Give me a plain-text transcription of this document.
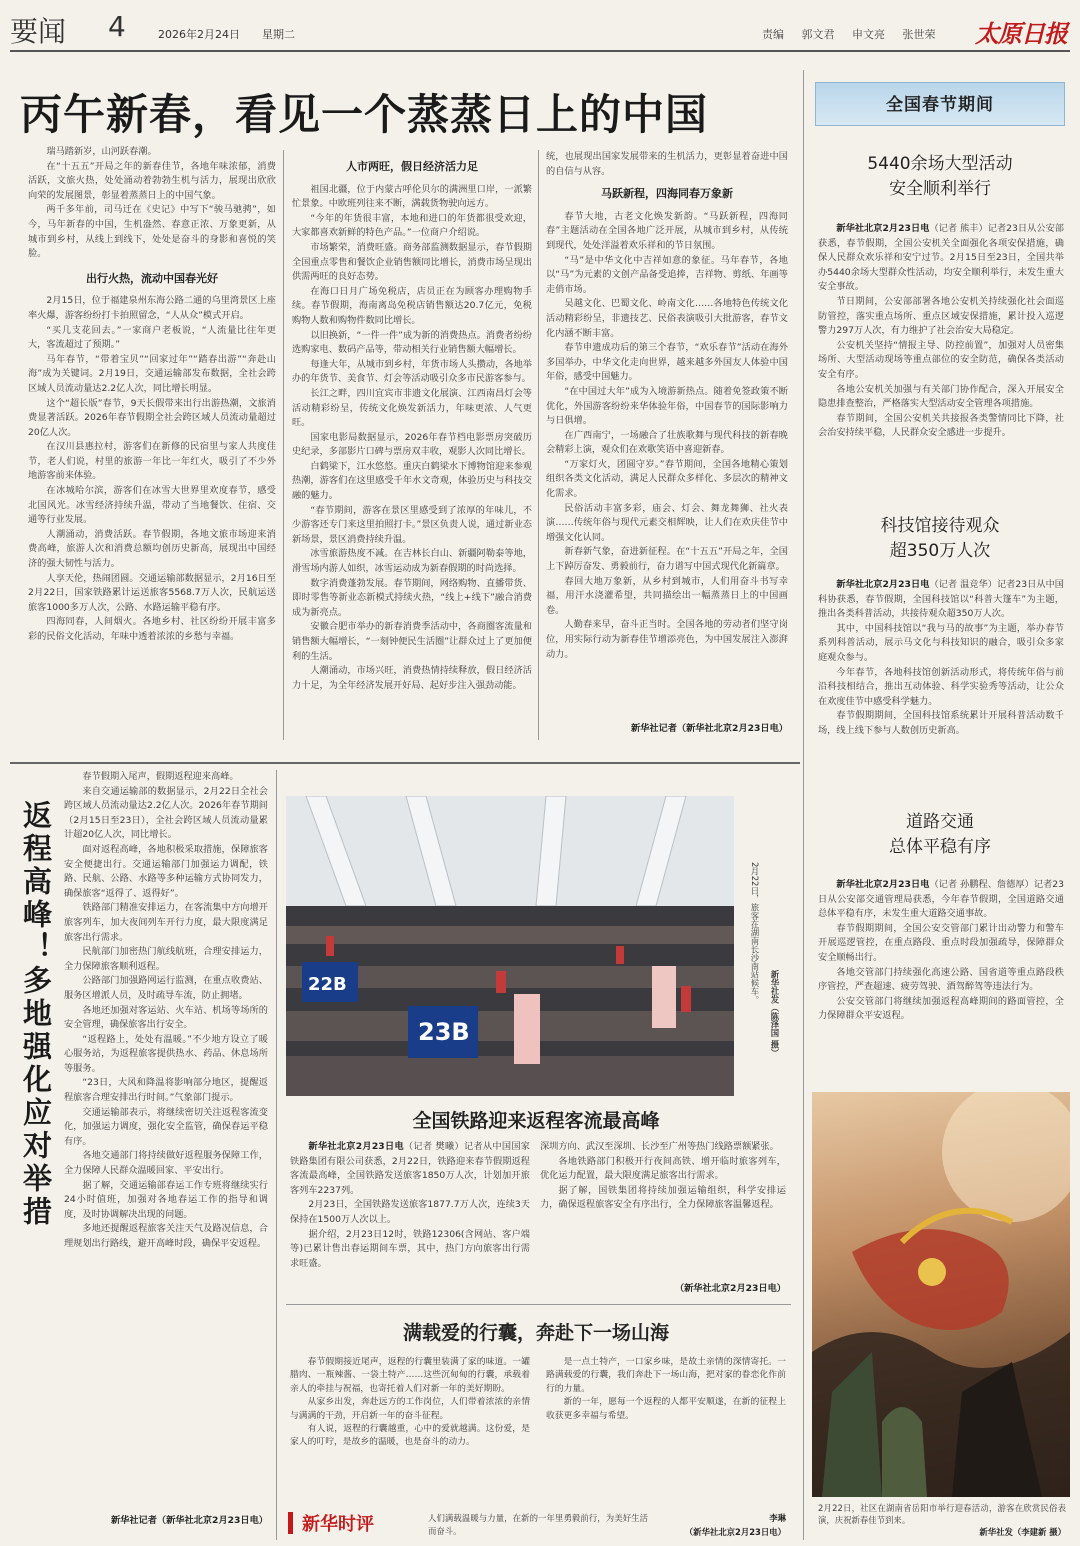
要闻 4	2026年2月24日 星期二	责编 郭文君 申文亮 张世荣 太原日报
丙午新春，看见一个蒸蒸日上的中国

瑞马踏新岁，山河跃春潮。

在“十五五”开局之年的新春佳节，各地年味浓郁，消费活跃，文旅火热，处处涌动着勃勃生机与活力，展现出欣欣向荣的发展图景，彰显着蒸蒸日上的中国气象。

两千多年前，司马迁在《史记》中写下“骏马驰骋”，如今，马年新春的中国，生机盎然、春意正浓、万象更新，从城市到乡村，从线上到线下，处处是奋斗的身影和喜悦的笑脸。

出行火热，流动中国春光好

2月15日，位于福建泉州东海公路二通的乌里湾景区上座率火爆，游客纷纷打卡拍照留念，“人从众”模式开启。

“买几支花回去。”一家商户老板说，“人流量比往年更大，客流超过了预期。”

马年春节，“带着宝贝”“回家过年”“踏春出游”“奔赴山海”成为关键词。2月19日，交通运输部发布数据，全社会跨区域人员流动量达2.2亿人次，同比增长明显。

这个“超长版”春节，9天长假带来出行出游热潮，文旅消费显著活跃。2026年春节假期全社会跨区域人员流动量超过20亿人次。

在汉川县惠拉村，游客们在新修的民宿里与家人共度佳节，老人们说，村里的旅游一年比一年红火，吸引了不少外地游客前来体验。

在冰城哈尔滨，游客们在冰雪大世界里欢度春节，感受北国风光。冰雪经济持续升温，带动了当地餐饮、住宿、交通等行业发展。

人潮涌动，消费活跃。春节假期，各地文旅市场迎来消费高峰，旅游人次和消费总额均创历史新高，展现出中国经济的强大韧性与活力。

人享天伦，热闹团圆。交通运输部数据显示，2月16日至2月22日，国家铁路累计运送旅客5568.7万人次，民航运送旅客1000多万人次，公路、水路运输平稳有序。

四海同春，人间烟火。各地乡村、社区纷纷开展丰富多彩的民俗文化活动，年味中透着浓浓的乡愁与幸福。

人市两旺，假日经济活力足

祖国北疆，位于内蒙古呼伦贝尔的满洲里口岸，一派繁忙景象。中欧班列往来不断，满载货物驶向远方。

“今年的年货很丰富，本地和进口的年货都很受欢迎，大家都喜欢新鲜的特色产品。”一位商户介绍说。

市场繁荣，消费旺盛。商务部监测数据显示，春节假期全国重点零售和餐饮企业销售额同比增长，消费市场呈现出供需两旺的良好态势。

在海口日月广场免税店，店员正在为顾客办理购物手续。春节假期，海南离岛免税店销售额达20.7亿元，免税购物人数和购物件数同比增长。

以旧换新，“一件一件”成为新的消费热点。消费者纷纷选购家电、数码产品等，带动相关行业销售额大幅增长。

每逢大年，从城市到乡村，年货市场人头攒动，各地举办的年货节、美食节、灯会等活动吸引众多市民游客参与。

长江之畔，四川宜宾市非遗文化展演、江西南昌灯会等活动精彩纷呈，传统文化焕发新活力，年味更浓、人气更旺。

国家电影局数据显示，2026年春节档电影票房突破历史纪录，多部影片口碑与票房双丰收，观影人次同比增长。

白鹤梁下，江水悠悠。重庆白鹤梁水下博物馆迎来参观热潮，游客们在这里感受千年水文奇观，体验历史与科技交融的魅力。

“春节期间，游客在景区里感受到了浓厚的年味儿，不少游客还专门来这里拍照打卡。”景区负责人说，通过新业态新场景，景区消费持续升温。

冰雪旅游热度不减。在吉林长白山、新疆阿勒泰等地，滑雪场内游人如织，冰雪运动成为新春假期的时尚选择。

数字消费蓬勃发展。春节期间，网络购物、直播带货、即时零售等新业态新模式持续火热，“线上+线下”融合消费成为新亮点。

安徽合肥市举办的新春消费季活动中，各商圈客流量和销售额大幅增长，“一刻钟便民生活圈”让群众过上了更加便利的生活。

人潮涌动，市场兴旺，消费热情持续释放，假日经济活力十足，为全年经济发展开好局、起好步注入强劲动能。

统，也展现出国家发展带来的生机活力，更彰显着奋进中国的自信与从容。

马跃新程，四海同春万象新

春节大地，古老文化焕发新韵。“马跃新程，四海同春”主题活动在全国各地广泛开展，从城市到乡村，从传统到现代，处处洋溢着欢乐祥和的节日氛围。

“马”是中华文化中吉祥如意的象征。马年春节，各地以“马”为元素的文创产品备受追捧，吉祥物、剪纸、年画等走俏市场。

吴越文化、巴蜀文化、岭南文化……各地特色传统文化活动精彩纷呈，非遗技艺、民俗表演吸引大批游客，春节文化内涵不断丰富。

春节申遗成功后的第三个春节，“欢乐春节”活动在海外多国举办，中华文化走向世界，越来越多外国友人体验中国年俗，感受中国魅力。

“在中国过大年”成为入境游新热点。随着免签政策不断优化，外国游客纷纷来华体验年俗，中国春节的国际影响力与日俱增。

在广西南宁，一场融合了壮族歌舞与现代科技的新春晚会精彩上演，观众们在欢歌笑语中喜迎新春。

“万家灯火，团圆守岁。”春节期间，全国各地精心策划组织各类文化活动，满足人民群众多样化、多层次的精神文化需求。

民俗活动丰富多彩，庙会、灯会、舞龙舞狮、社火表演……传统年俗与现代元素交相辉映，让人们在欢庆佳节中增强文化认同。

新春新气象，奋进新征程。在“十五五”开局之年，全国上下踔厉奋发、勇毅前行，奋力谱写中国式现代化新篇章。

春回大地万象新，从乡村到城市，人们用奋斗书写幸福，用汗水浇灌希望，共同描绘出一幅蒸蒸日上的中国画卷。

人勤春来早，奋斗正当时。全国各地的劳动者们坚守岗位，用实际行动为新春佳节增添亮色，为中国发展注入澎湃动力。

新华社记者（新华社北京2月23日电）
全国春节期间
5440余场大型活动
安全顺利举行

新华社北京2月23日电（记者 熊丰）记者23日从公安部获悉，春节假期，全国公安机关全面强化各项安保措施，确保人民群众欢乐祥和安宁过节。2月15日至23日，全国共举办5440余场大型群众性活动，均安全顺利举行，未发生重大安全事故。

节日期间，公安部部署各地公安机关持续强化社会面巡防管控，落实重点场所、重点区域安保措施，累计投入巡逻警力297万人次，有力维护了社会治安大局稳定。

公安机关坚持“情报主导、防控前置”，加强对人员密集场所、大型活动现场等重点部位的安全防范，确保各类活动安全有序。

各地公安机关加强与有关部门协作配合，深入开展安全隐患排查整治，严格落实大型活动安全管理各项措施。

春节期间，全国公安机关共接报各类警情同比下降，社会治安持续平稳，人民群众安全感进一步提升。

科技馆接待观众
超350万人次

新华社北京2月23日电（记者 温竞华）记者23日从中国科协获悉，春节假期，全国科技馆以“科普大篷车”为主题，推出各类科普活动，共接待观众超350万人次。

其中，中国科技馆以“我与马的故事”为主题，举办春节系列科普活动，展示马文化与科技知识的融合，吸引众多家庭观众参与。

今年春节，各地科技馆创新活动形式，将传统年俗与前沿科技相结合，推出互动体验、科学实验秀等活动，让公众在欢度佳节中感受科学魅力。

春节假期期间，全国科技馆系统累计开展科普活动数千场，线上线下参与人数创历史新高。

道路交通
总体平稳有序

新华社北京2月23日电（记者 孙鹏程、詹德厚）记者23日从公安部交通管理局获悉，今年春节假期，全国道路交通总体平稳有序，未发生重大道路交通事故。

春节假期期间，全国公安交管部门累计出动警力和警车开展巡逻管控，在重点路段、重点时段加强疏导，保障群众安全顺畅出行。

各地交管部门持续强化高速公路、国省道等重点路段秩序管控，严查超速、疲劳驾驶、酒驾醉驾等违法行为。

公安交管部门将继续加强返程高峰期间的路面管控，全力保障群众平安返程。

2月22日，社区在湖南省岳阳市举行迎春活动，游客在欣赏民俗表演，庆祝新春佳节到来。
新华社发（李建新 摄）
返程高峰！多地强化应对举措

春节假期入尾声，假期返程迎来高峰。

来自交通运输部的数据显示，2月22日全社会跨区域人员流动量达2.2亿人次。2026年春节期间（2月15日至23日），全社会跨区域人员流动量累计超20亿人次，同比增长。

面对返程高峰，各地积极采取措施，保障旅客安全便捷出行。交通运输部门加强运力调配，铁路、民航、公路、水路等多种运输方式协同发力，确保旅客“返得了、返得好”。

铁路部门精准安排运力，在客流集中方向增开旅客列车，加大夜间列车开行力度，最大限度满足旅客出行需求。

民航部门加密热门航线航班，合理安排运力，全力保障旅客顺利返程。

公路部门加强路网运行监测，在重点收费站、服务区增派人员，及时疏导车流，防止拥堵。

各地还加强对客运站、火车站、机场等场所的安全管理，确保旅客出行安全。

“返程路上，处处有温暖。”不少地方设立了暖心服务站，为返程旅客提供热水、药品、休息场所等服务。

“23日，大风和降温将影响部分地区，提醒返程旅客合理安排出行时间。”气象部门提示。

交通运输部表示，将继续密切关注返程客流变化，加强运力调度，强化安全监管，确保春运平稳有序。

各地交通部门将持续做好返程服务保障工作，全力保障人民群众温暖回家、平安出行。

据了解，交通运输部春运工作专班将继续实行24小时值班，加强对各地春运工作的指导和调度，及时协调解决出现的问题。

多地还提醒返程旅客关注天气及路况信息，合理规划出行路线，避开高峰时段，确保平安返程。

新华社记者（新华社北京2月23日电）
22B
23B
2月22日，旅客在湖南长沙南站候车。
新华社发（陈泽国 摄）
全国铁路迎来返程客流最高峰

新华社北京2月23日电（记者 樊曦）记者从中国国家铁路集团有限公司获悉，2月22日，铁路迎来春节假期返程客流最高峰，全国铁路发送旅客1850万人次，计划加开旅客列车2237列。

2月23日，全国铁路发送旅客1877.7万人次，连续3天保持在1500万人次以上。

据介绍，2月23日12时，铁路12306(含网站、客户端等)已累计售出春运期间车票，其中，热门方向旅客出行需求旺盛。

深圳方向、武汉至深圳、长沙至广州等热门线路票额紧张。

各地铁路部门积极开行夜间高铁、增开临时旅客列车，优化运力配置，最大限度满足旅客出行需求。

据了解，国铁集团将持续加强运输组织，科学安排运力，确保返程旅客安全有序出行，全力保障旅客温馨返程。

（新华社北京2月23日电）
满载爱的行囊，奔赴下一场山海

春节假期接近尾声，返程的行囊里装满了家的味道。一罐腊肉、一瓶辣酱、一袋土特产……这些沉甸甸的行囊，承载着亲人的牵挂与祝福，也寄托着人们对新一年的美好期盼。

从家乡出发，奔赴远方的工作岗位，人们带着浓浓的亲情与满满的干劲，开启新一年的奋斗征程。

有人说，返程的行囊越重，心中的爱就越满。这份爱，是家人的叮咛，是故乡的温暖，也是奋斗的动力。

是一点土特产，一口家乡味，是故土亲情的深情寄托。一路满载爱的行囊，我们奔赴下一场山海，把对家的眷恋化作前行的力量。

新的一年，愿每一个返程的人都平安顺遂，在新的征程上收获更多幸福与希望。

新华时评	人们满载温暖与力量，在新的一年里勇毅前行，为美好生活而奋斗。
李琳
（新华社北京2月23日电）
